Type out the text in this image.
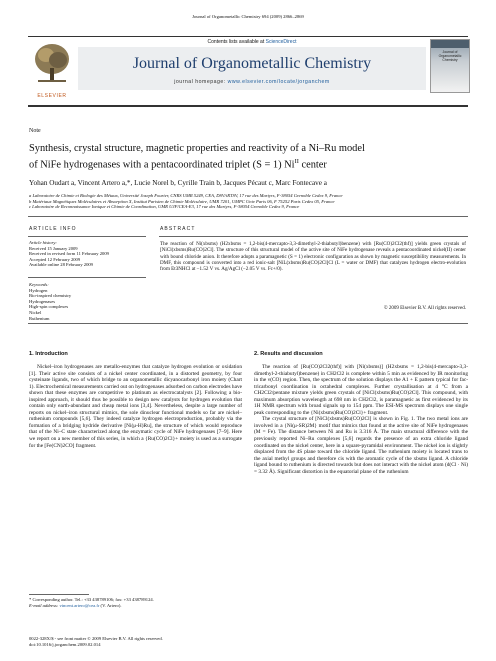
Journal of Organometallic Chemistry 694 (2009) 2866–2869
ELSEVIER
Contents lists available at ScienceDirect
Journal of Organometallic Chemistry
journal homepage: www.elsevier.com/locate/jorganchem
Journal of Organometallic Chemistry
Note
Synthesis, crystal structure, magnetic properties and reactivity of a Ni–Ru model
of NiFe hydrogenases with a pentacoordinated triplet (S = 1) $Ni^{II}$ center
Yohan Oudart a, Vincent Artero a,*, Lucie Norel b, Cyrille Train b, Jacques Pécaut c, Marc Fontecave a
a Laboratoire de Chimie et Biologie des Métaux, Université Joseph Fourier, CNRS UMR 5249, CEA, DSV/iRTSV, 17 rue des Martyrs, F-38054 Grenoble Cedex 9, France
b Matériaux Magnétiques Moléculaires et Absorption X, Institut Parisien de Chimie Moléculaire, UMR 7201, UMPC Univ Paris 06, F 75252 Paris Cedex 05, France
c Laboratoire de Reconnaissance Ionique et Chimie de Coordination, UMR UJF/CEA-E3, 17 rue des Martyrs, F-38054 Grenoble Cedex 9, France
ARTICLE INFO
Article history:
Received 15 January 2009
Received in revised form 11 February 2009
Accepted 12 February 2009
Available online 28 February 2009
Keywords:
Hydrogen
Bio-inspired chemistry
Hydrogenases
High-spin complexes
Nickel
Ruthenium
ABSTRACT
The reaction of Ni(xbsms) (H2xbsms = 1,2-bis(4-mercapto-3,3-dimethyl-2-thiabutyl)benzene) with [Ru(CO)2Cl2(thf)] yields green crystals of [NiCl(xbsms)Ru(CO)2Cl]. The structure of this structural model of the active site of NiFe hydrogenase reveals a pentacoordinated nickel(II) center with bound chloride anion. It therefore adopts a paramagnetic (S = 1) electronic configuration as shown by magnetic susceptibility measurements. In DMF, this compound is converted into a red ionic-salt [NiL(xbsms)Ru(CO)2Cl]Cl (L = water or DMF) that catalyzes hydrogen electro-evolution from Et3NHCl at −1.52 V vs. Ag/AgCl (−2.05 V vs. Fc+/0).
© 2009 Elsevier B.V. All rights reserved.
1. Introduction

Nickel–iron hydrogenases are metallo-enzymes that catalyze hydrogen evolution or oxidation [1]. Their active site consists of a nickel center coordinated, in a distorted geometry, by four cysteinate ligands, two of which bridge to an organometallic dicyanocarbonyl iron moiety (Chart 1). Electrochemical measurements carried out on hydrogenases adsorbed on carbon electrodes have shown that these enzymes are competitive to platinum as electrocatalysts [2]. Following a bio-inspired approach, it should thus be possible to design new catalysts for hydrogen evolution that contain only earth-abundant and cheap metal ions [3,4]. Nevertheless, despite a large number of reports on nickel–iron structural mimics, the sole dinuclear functional models so far are nickel–ruthenium compounds [5,6]. They indeed catalyze hydrogen electroproduction, probably via the formation of a bridging hydride derivative [Ni(μ-H)Ru], the structure of which would reproduce that of the Ni–C state characterized along the enzymatic cycle of NiFe hydrogenases [7–9]. Here we report on a new member of this series, in which a {Ru(CO)2Cl}+ moiety is used as a surrogate for the [Fe(CN)2CO] fragment.

* Corresponding author. Tel.: +33 438789106; fax: +33 438789124.
E-mail address: vincent.artero@cea.fr (V. Artero).
2. Results and discussion

The reaction of [Ru(CO)2Cl2(thf)] with [Ni(xbsms)] (H2xbsms = 1,2-bis(4-mercapto-3,3-dimethyl-2-thiabutyl)benzene) in CH2Cl2 is complete within 5 min as evidenced by IR monitoring in the ν(CO) region. Then, the spectrum of the solution displays the A1 + E pattern typical for fac-tricarbonyl coordination in octahedral complexes. Further crystallisation at 4 °C from a CH2Cl2/pentane mixture yields green crystals of [NiCl(xbsms)Ru(CO)2Cl]. This compound, with maximum absorption wavelength at 698 nm in CH2Cl2, is paramagnetic as first evidenced by its 1H NMR spectrum with broad signals up to 154 ppm. The ESI-MS spectrum displays one single peak corresponding to the {Ni(xbsms)Ru(CO)2Cl}+ fragment.

The crystal structure of [NiCl(xbsms)Ru(CO)2Cl] is shown in Fig. 1. The two metal ions are involved in a {Ni(μ-SR)2M} motif that mimics that found at the active site of NiFe hydrogenases (M = Fe). The distance between Ni and Ru is 3.316 Å. The main structural difference with the previously reported Ni–Ru complexes [5,6] regards the presence of an extra chloride ligand coordinated on the nickel center, here in a square-pyramidal environment. The nickel ion is slightly displaced from the 4S plane toward the chloride ligand. The ruthenium moiety is located trans to the axial methyl groups and therefore cis with the aromatic cycle of the xbsms ligand. A chloride ligand bound to ruthenium is directed towards but does not interact with the nickel atom (d(Cl · Ni) = 3.32 Å). Significant distortion in the equatorial plane of the ruthenium

0022-328X/$ - see front matter © 2009 Elsevier B.V. All rights reserved.
doi:10.1016/j.jorganchem.2009.02.014
